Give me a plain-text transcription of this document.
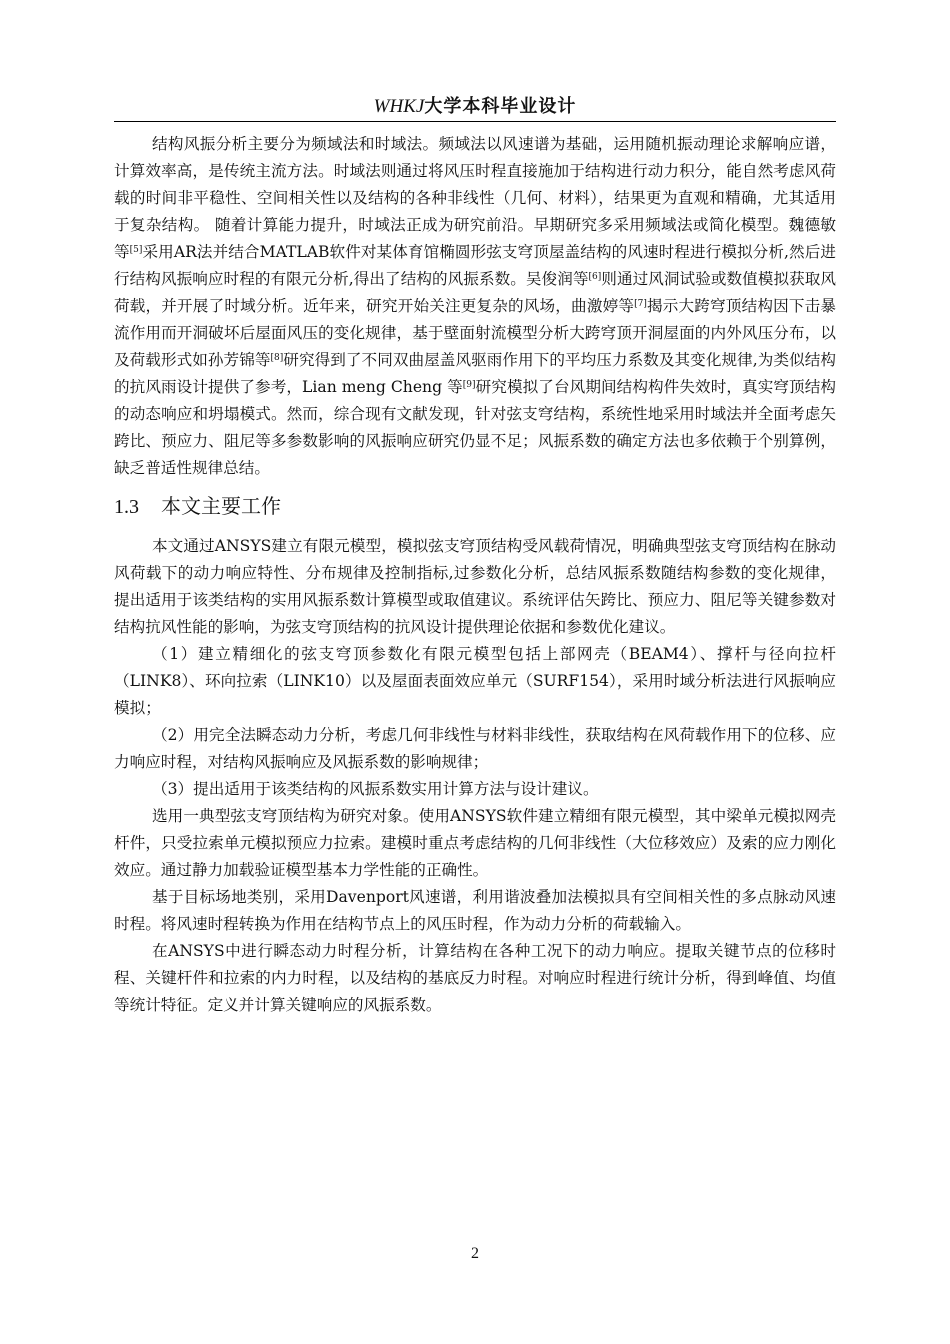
WHKJ大学本科毕业设计

结构风振分析主要分为频域法和时域法。频域法以风速谱为基础，运用随机振动理论求解响应谱，计算效率高，是传统主流方法。时域法则通过将风压时程直接施加于结构进行动力积分，能自然考虑风荷载的时间非平稳性、空间相关性以及结构的各种非线性（几何、材料），结果更为直观和精确，尤其适用于复杂结构。 随着计算能力提升，时域法正成为研究前沿。早期研究多采用频域法或简化模型。魏德敏等[5]采用AR法并结合MATLAB软件对某体育馆椭圆形弦支穹顶屋盖结构的风速时程进行模拟分析,然后进行结构风振响应时程的有限元分析,得出了结构的风振系数。吴俊润等[6]则通过风洞试验或数值模拟获取风荷载，并开展了时域分析。近年来，研究开始关注更复杂的风场，曲激婷等[7]揭示大跨穹顶结构因下击暴流作用而开洞破坏后屋面风压的变化规律，基于壁面射流模型分析大跨穹顶开洞屋面的内外风压分布，以及荷载形式如孙芳锦等[8]研究得到了不同双曲屋盖风驱雨作用下的平均压力系数及其变化规律,为类似结构的抗风雨设计提供了参考，Lian meng Cheng 等[9]研究模拟了台风期间结构构件失效时，真实穹顶结构的动态响应和坍塌模式。然而，综合现有文献发现，针对弦支穹结构，系统性地采用时域法并全面考虑矢跨比、预应力、阻尼等多参数影响的风振响应研究仍显不足；风振系数的确定方法也多依赖于个别算例，缺乏普适性规律总结。

1.3 本文主要工作

本文通过ANSYS建立有限元模型，模拟弦支穹顶结构受风载荷情况，明确典型弦支穹顶结构在脉动风荷载下的动力响应特性、分布规律及控制指标,过参数化分析，总结风振系数随结构参数的变化规律，提出适用于该类结构的实用风振系数计算模型或取值建议。系统评估矢跨比、预应力、阻尼等关键参数对结构抗风性能的影响，为弦支穹顶结构的抗风设计提供理论依据和参数优化建议。

（1）建立精细化的弦支穹顶参数化有限元模型包括上部网壳（BEAM4）、撑杆与径向拉杆（LINK8）、环向拉索（LINK10）以及屋面表面效应单元（SURF154），采用时域分析法进行风振响应模拟；

（2）用完全法瞬态动力分析，考虑几何非线性与材料非线性，获取结构在风荷载作用下的位移、应力响应时程，对结构风振响应及风振系数的影响规律；

（3）提出适用于该类结构的风振系数实用计算方法与设计建议。

选用一典型弦支穹顶结构为研究对象。使用ANSYS软件建立精细有限元模型，其中梁单元模拟网壳杆件，只受拉索单元模拟预应力拉索。建模时重点考虑结构的几何非线性（大位移效应）及索的应力刚化效应。通过静力加载验证模型基本力学性能的正确性。

基于目标场地类别，采用Davenport风速谱，利用谐波叠加法模拟具有空间相关性的多点脉动风速时程。将风速时程转换为作用在结构节点上的风压时程，作为动力分析的荷载输入。

在ANSYS中进行瞬态动力时程分析，计算结构在各种工况下的动力响应。提取关键节点的位移时程、关键杆件和拉索的内力时程，以及结构的基底反力时程。对响应时程进行统计分析，得到峰值、均值等统计特征。定义并计算关键响应的风振系数。

2
